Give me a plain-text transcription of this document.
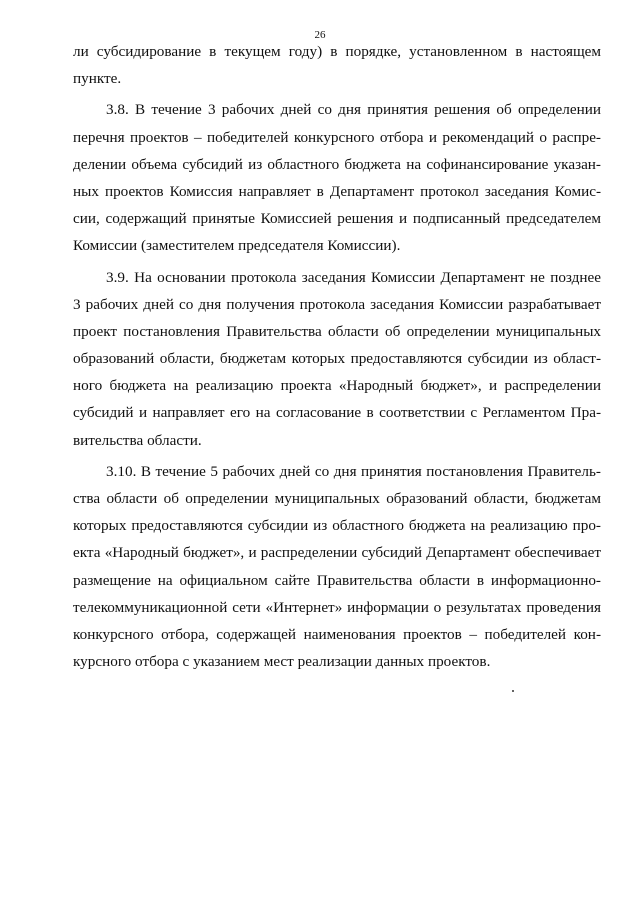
26
ли субсидирование в текущем году) в порядке, установленном в настоящем
пункте.
3.8. В течение 3 рабочих дней со дня принятия решения об определении
перечня проектов – победителей конкурсного отбора и рекомендаций о распре-
делении объема субсидий из областного бюджета на софинансирование указан-
ных проектов Комиссия направляет в Департамент протокол заседания Комис-
сии, содержащий принятые Комиссией решения и подписанный председателем
Комиссии (заместителем председателя Комиссии).
3.9. На основании протокола заседания Комиссии Департамент не позднее
3 рабочих дней со дня получения протокола заседания Комиссии разрабатывает
проект постановления Правительства области об определении муниципальных
образований области, бюджетам которых предоставляются субсидии из област-
ного бюджета на реализацию проекта «Народный бюджет», и распределении
субсидий и направляет его на согласование в соответствии с Регламентом Пра-
вительства области.
3.10. В течение 5 рабочих дней со дня принятия постановления Правитель-
ства области об определении муниципальных образований области, бюджетам
которых предоставляются субсидии из областного бюджета на реализацию про-
екта «Народный бюджет», и распределении субсидий Департамент обеспечивает
размещение на официальном сайте Правительства области в информационно-
телекоммуникационной сети «Интернет» информации о результатах проведения
конкурсного отбора, содержащей наименования проектов – победителей кон-
курсного отбора с указанием мест реализации данных проектов.
